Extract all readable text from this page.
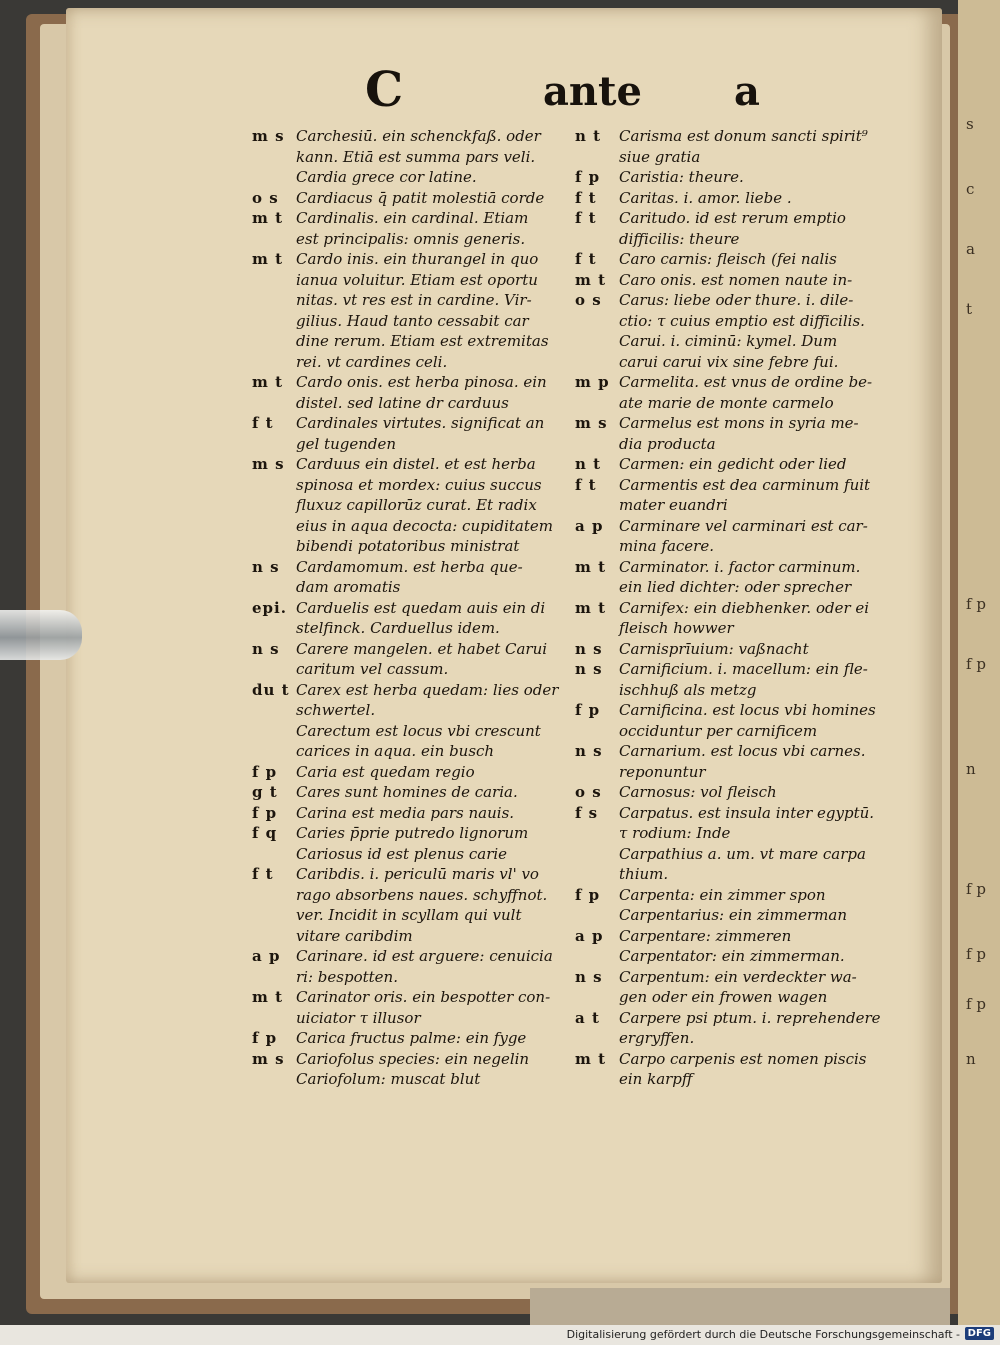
s
c
a
t
f p
f p
n
f p
f p
f p
n
C	ante a
m s Carchesiū. ein schenckfaß. oder
kann. Etiā est summa pars veli.
Cardia grece cor latine.
o s	Cardiacus q̄ patit molestiā corde
m t Cardinalis. ein cardinal. Etiam
est principalis: omnis generis.
m t Cardo inis. ein thurangel in quo
ianua voluitur. Etiam est oportu
nitas. vt res est in cardine. Vir-
gilius. Haud tanto cessabit car
dine rerum. Etiam est extremitas
rei. vt cardines celi.
m t Cardo onis. est herba pinosa. ein
distel. sed latine dr carduus
f t	Cardinales virtutes. significat an
gel tugenden
m s Carduus ein distel. et est herba
spinosa et mordex: cuius succus
fluxuz capillorūz curat. Et radix
eius in aqua decocta: cupiditatem
bibendi potatoribus ministrat
n s	Cardamomum. est herba que-
dam aromatis
epi. Carduelis est quedam auis ein di
stelfinck. Carduellus idem.
n s	Carere mangelen. et habet Carui
caritum vel cassum.
du t Carex est herba quedam: lies oder
schwertel.
Carectum est locus vbi crescunt
carices in aqua. ein busch
f p	Caria est quedam regio
g t	Cares sunt homines de caria.
f p	Carina est media pars nauis.
f q	Caries p̄prie putredo lignorum
Cariosus id est plenus carie
f t	Caribdis. i. periculū maris vl' vo
rago absorbens naues. schyffnot.
ver. Incidit in scyllam qui vult
vitare caribdim
a p	Carinare. id est arguere: cenuicia
ri: bespotten.
m t Carinator oris. ein bespotter con-
uiciator τ illusor
f p	Carica fructus palme: ein fyge
m s Cariofolus species: ein negelin
Cariofolum: muscat blut
n t	Carisma est donum sancti spirit⁹
siue gratia
f p	Caristia: theure.
f t	Caritas. i. amor. liebe .
f t	Caritudo. id est rerum emptio
difficilis: theure
f t	Caro carnis: fleisch (fei nalis
m t Caro onis. est nomen naute in-
o s	Carus: liebe oder thure. i. dile-
ctio: τ cuius emptio est difficilis.
Carui. i. ciminū: kymel. Dum
carui carui vix sine febre fui.
m p Carmelita. est vnus de ordine be-
ate marie de monte carmelo
m s Carmelus est mons in syria me-
dia producta
n t	Carmen: ein gedicht oder lied
f t	Carmentis est dea carminum fuit
mater euandri
a p	Carminare vel carminari est car-
mina facere.
m t Carminator. i. factor carminum.
ein lied dichter: oder sprecher
m t Carnifex: ein diebhenker. oder ei
fleisch howwer
n s	Carnisprīuium: vaßnacht
n s	Carnificium. i. macellum: ein fle-
ischhuß als metzg
f p	Carnificina. est locus vbi homines
occiduntur per carnificem
n s	Carnarium. est locus vbi carnes.
reponuntur
o s	Carnosus: vol fleisch
f s	Carpatus. est insula inter egyptū.
τ rodium: Inde
Carpathius a. um. vt mare carpa
thium.
f p	Carpenta: ein zimmer spon
Carpentarius: ein zimmerman
a p	Carpentare: zimmeren
Carpentator: ein zimmerman.
n s	Carpentum: ein verdeckter wa-
gen oder ein frowen wagen
a t	Carpere psi ptum. i. reprehendere
ergryffen.
m t Carpo carpenis est nomen piscis
ein karpff
Digitalisierung gefördert durch die Deutsche Forschungsgemeinschaft - DFG
